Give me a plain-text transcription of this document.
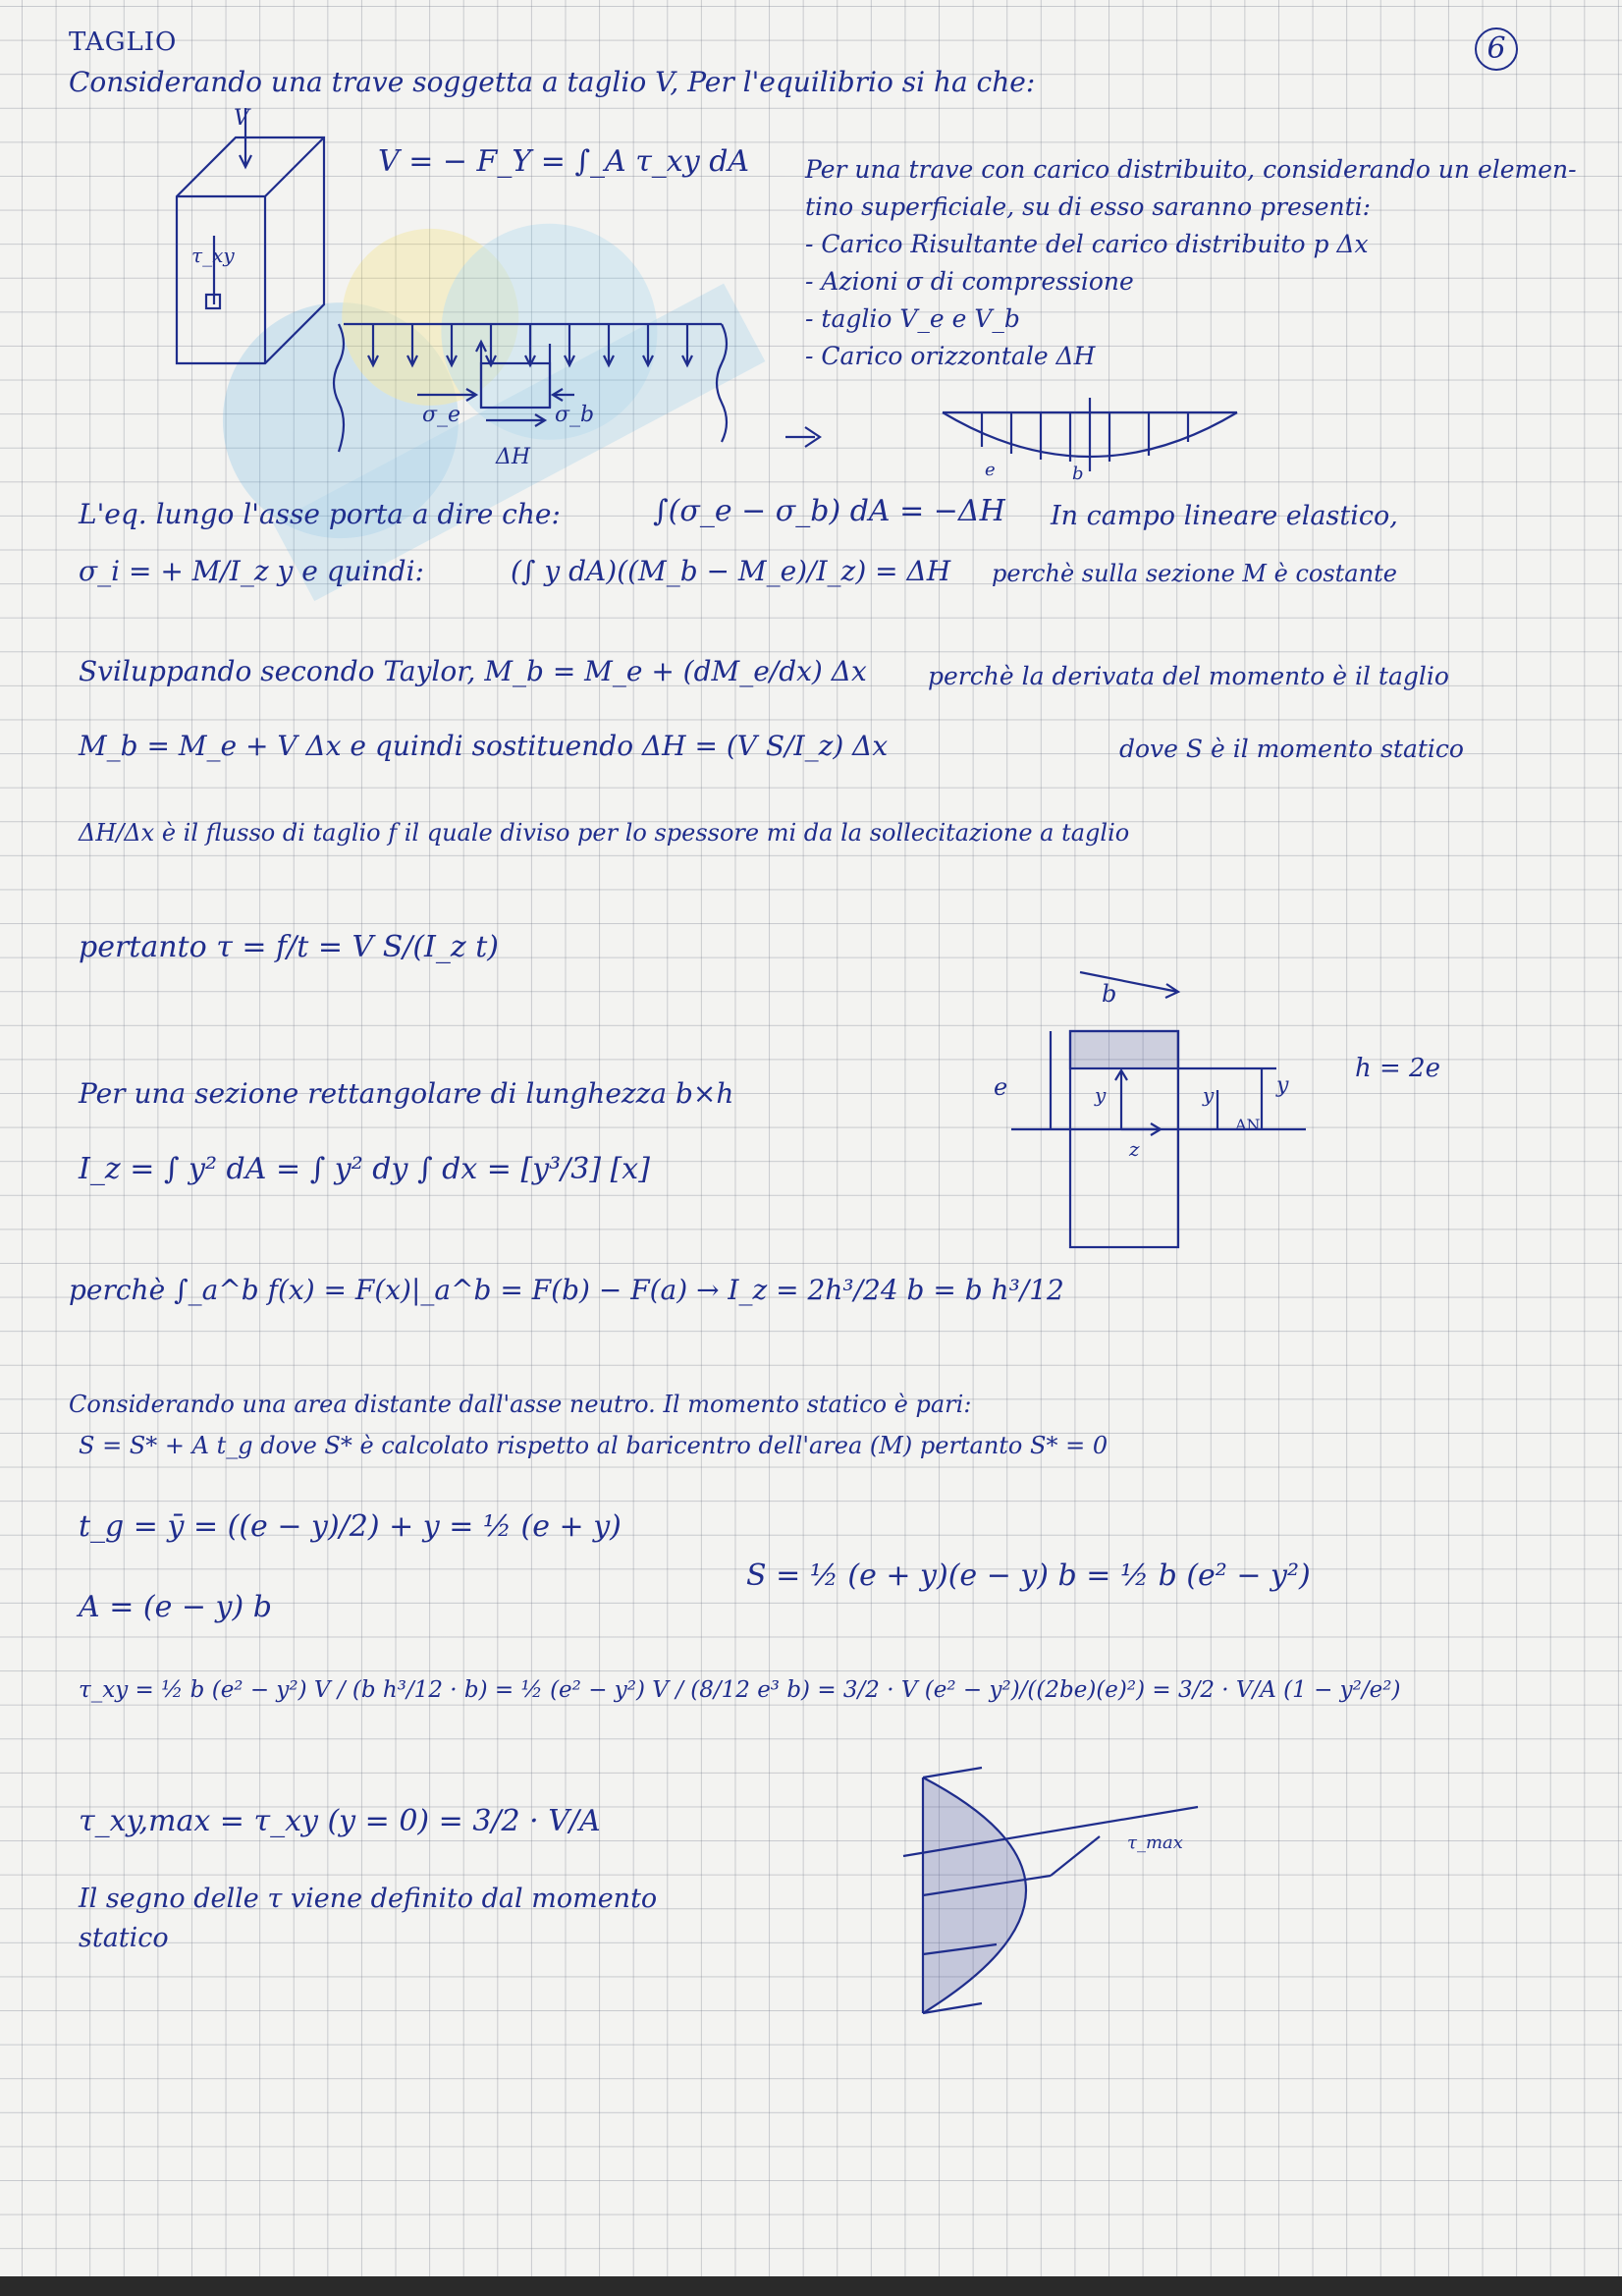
6
TAGLIO
Considerando una trave soggetta a taglio V, Per l'equilibrio si ha che:
V = − F_Y = ∫_A τ_xy dA Per una trave con carico distribuito, considerando un elemen-
tino superficiale, su di esso saranno presenti:
- Carico Risultante del carico distribuito p Δx
- Azioni σ di compressione
- taglio V_e e V_b
- Carico orizzontale ΔH
L'eq. lungo l'asse porta a dire che:	∫(σ_e − σ_b) dA = −ΔH In campo lineare elastico,
σ_i = + M/I_z y e quindi:	(∫ y dA)((M_b − M_e)/I_z) = ΔH perchè sulla sezione M è costante
Sviluppando secondo Taylor, M_b = M_e + (dM_e/dx) Δx perchè la derivata del momento è il taglio
M_b = M_e + V Δx e quindi sostituendo ΔH = (V S/I_z) Δx	dove S è il momento statico
ΔH/Δx è il flusso di taglio f il quale diviso per lo spessore mi da la sollecitazione a taglio
pertanto τ = f/t = V S/(I_z t)
Per una sezione rettangolare di lunghezza b×h
I_z = ∫ y² dA = ∫ y² dy ∫ dx = [y³/3] [x]
perchè ∫_a^b f(x) = F(x)|_a^b = F(b) − F(a) → I_z = 2h³/24 b = b h³/12
Considerando una area distante dall'asse neutro. Il momento statico è pari:
S = S* + A t_g dove S* è calcolato rispetto al baricentro dell'area (M) pertanto S* = 0
t_g = ȳ = ((e − y)/2) + y = ½ (e + y)
S = ½ (e + y)(e − y) b = ½ b (e² − y²)
A = (e − y) b
τ_xy = ½ b (e² − y²) V / (b h³/12 · b) = ½ (e² − y²) V / (8/12 e³ b) = 3/2 · V (e² − y²)/((2be)(e)²) = 3/2 · V/A (1 − y²/e²)
τ_xy,max = τ_xy (y = 0) = 3/2 · V/A
Il segno delle τ viene definito dal momento
statico
V
τ_xy
σ_e	σ_b
ΔH
e	b
b
h = 2e
e	y
z
y	y
AN
τ_max
